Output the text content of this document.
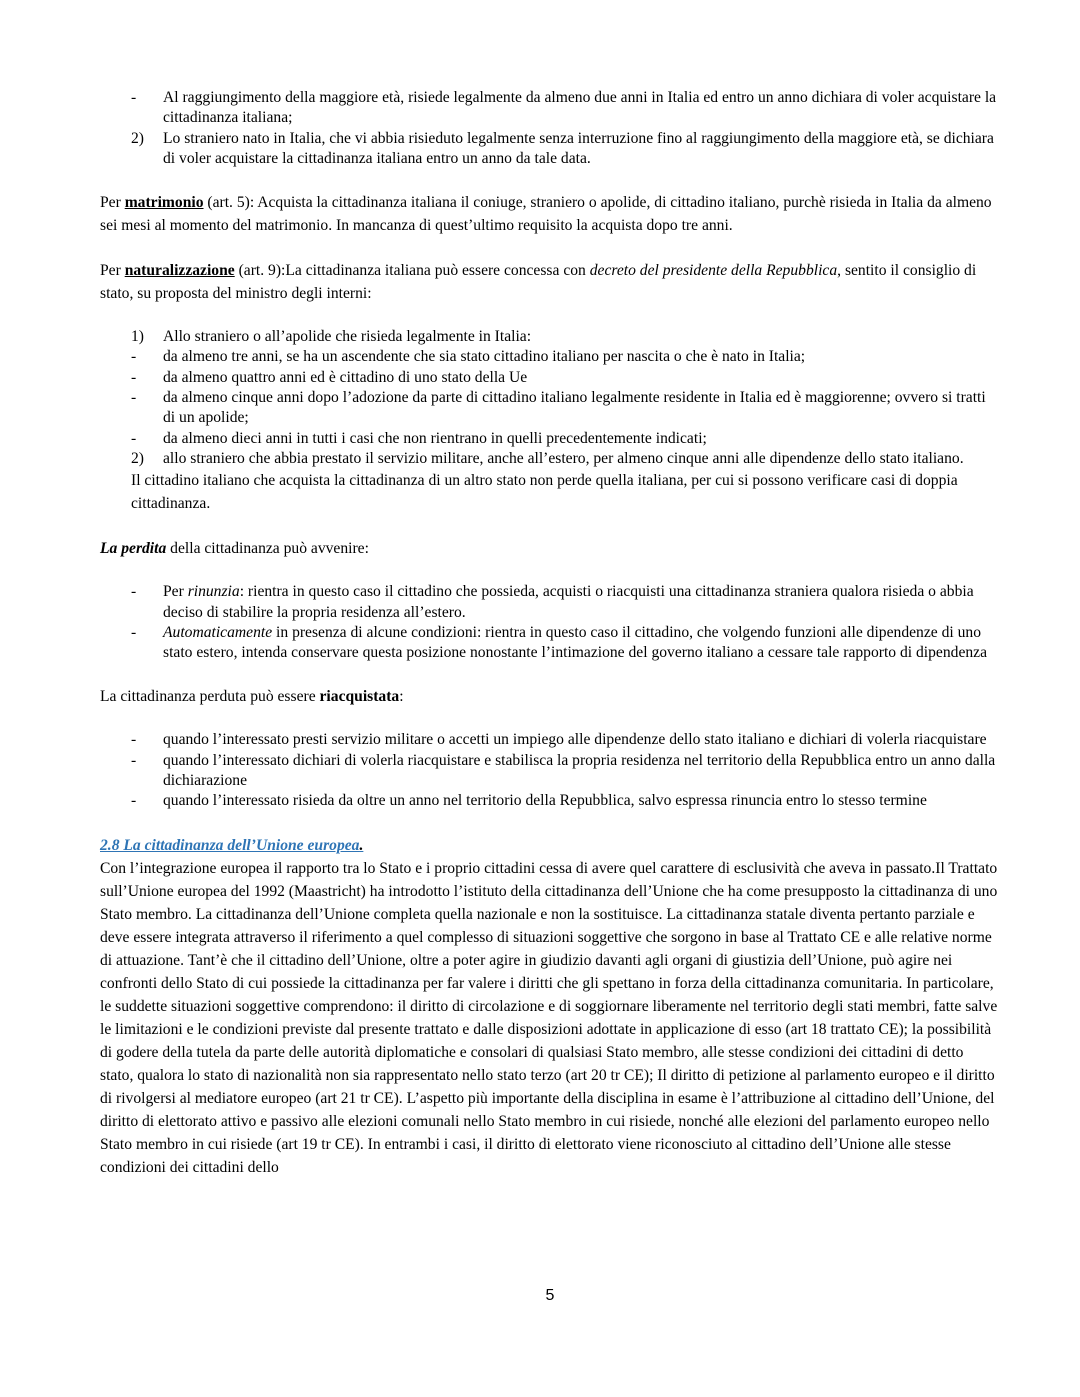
- Al raggiungimento della maggiore età, risiede legalmente da almeno due anni in Italia ed entro un anno dichiara di voler acquistare la cittadinanza italiana;
2) Lo straniero nato in Italia, che vi abbia risieduto legalmente senza interruzione fino al raggiungimento della maggiore età, se dichiara di voler acquistare la cittadinanza italiana entro un anno da tale data.

Per matrimonio (art. 5): Acquista la cittadinanza italiana il coniuge, straniero o apolide, di cittadino italiano, purchè risieda in Italia da almeno sei mesi al momento del matrimonio. In mancanza di quest’ultimo requisito la acquista dopo tre anni.

Per naturalizzazione (art. 9):La cittadinanza italiana può essere concessa con decreto del presidente della Repubblica, sentito il consiglio di stato, su proposta del ministro degli interni:

1) Allo straniero o all’apolide che risieda legalmente in Italia:
- da almeno tre anni, se ha un ascendente che sia stato cittadino italiano per nascita o che è nato in Italia;
- da almeno quattro anni ed è cittadino di uno stato della Ue
- da almeno cinque anni dopo l’adozione da parte di cittadino italiano legalmente residente in Italia ed è maggiorenne; ovvero si tratti di un apolide;
- da almeno dieci anni in tutti i casi che non rientrano in quelli precedentemente indicati;
2) allo straniero che abbia prestato il servizio militare, anche all’estero, per almeno cinque anni alle dipendenze dello stato italiano.

Il cittadino italiano che acquista la cittadinanza di un altro stato non perde quella italiana, per cui si possono verificare casi di doppia cittadinanza.

La perdita della cittadinanza può avvenire:

- Per rinunzia: rientra in questo caso il cittadino che possieda, acquisti o riacquisti una cittadinanza straniera qualora risieda o abbia deciso di stabilire la propria residenza all’estero.
- Automaticamente in presenza di alcune condizioni: rientra in questo caso il cittadino, che volgendo funzioni alle dipendenze di uno stato estero, intenda conservare questa posizione nonostante l’intimazione del governo italiano a cessare tale rapporto di dipendenza

La cittadinanza perduta può essere riacquistata:

- quando l’interessato presti servizio militare o accetti un impiego alle dipendenze dello stato italiano e dichiari di volerla riacquistare
- quando l’interessato dichiari di volerla riacquistare e stabilisca la propria residenza nel territorio della Repubblica entro un anno dalla dichiarazione
- quando l’interessato risieda da oltre un anno nel territorio della Repubblica, salvo espressa rinuncia entro lo stesso termine

2.8 La cittadinanza dell’Unione europea.

Con l’integrazione europea il rapporto tra lo Stato e i proprio cittadini cessa di avere quel carattere di esclusività che aveva in passato.Il Trattato sull’Unione europea del 1992 (Maastricht) ha introdotto l’istituto della cittadinanza dell’Unione che ha come presupposto la cittadinanza di uno Stato membro. La cittadinanza dell’Unione completa quella nazionale e non la sostituisce. La cittadinanza statale diventa pertanto parziale e deve essere integrata attraverso il riferimento a quel complesso di situazioni soggettive che sorgono in base al Trattato CE e alle relative norme di attuazione. Tant’è che il cittadino dell’Unione, oltre a poter agire in giudizio davanti agli organi di giustizia dell’Unione, può agire nei confronti dello Stato di cui possiede la cittadinanza per far valere i diritti che gli spettano in forza della cittadinanza comunitaria. In particolare, le suddette situazioni soggettive comprendono: il diritto di circolazione e di soggiornare liberamente nel territorio degli stati membri, fatte salve le limitazioni e le condizioni previste dal presente trattato e dalle disposizioni adottate in applicazione di esso (art 18 trattato CE); la possibilità di godere della tutela da parte delle autorità diplomatiche e consolari di qualsiasi Stato membro, alle stesse condizioni dei cittadini di detto stato, qualora lo stato di nazionalità non sia rappresentato nello stato terzo (art 20 tr CE); Il diritto di petizione al parlamento europeo e il diritto di rivolgersi al mediatore europeo (art 21 tr CE). L’aspetto più importante della disciplina in esame è l’attribuzione al cittadino dell’Unione, del diritto di elettorato attivo e passivo alle elezioni comunali nello Stato membro in cui risiede, nonché alle elezioni del parlamento europeo nello Stato membro in cui risiede (art 19 tr CE). In entrambi i casi, il diritto di elettorato viene riconosciuto al cittadino dell’Unione alle stesse condizioni dei cittadini dello

5
